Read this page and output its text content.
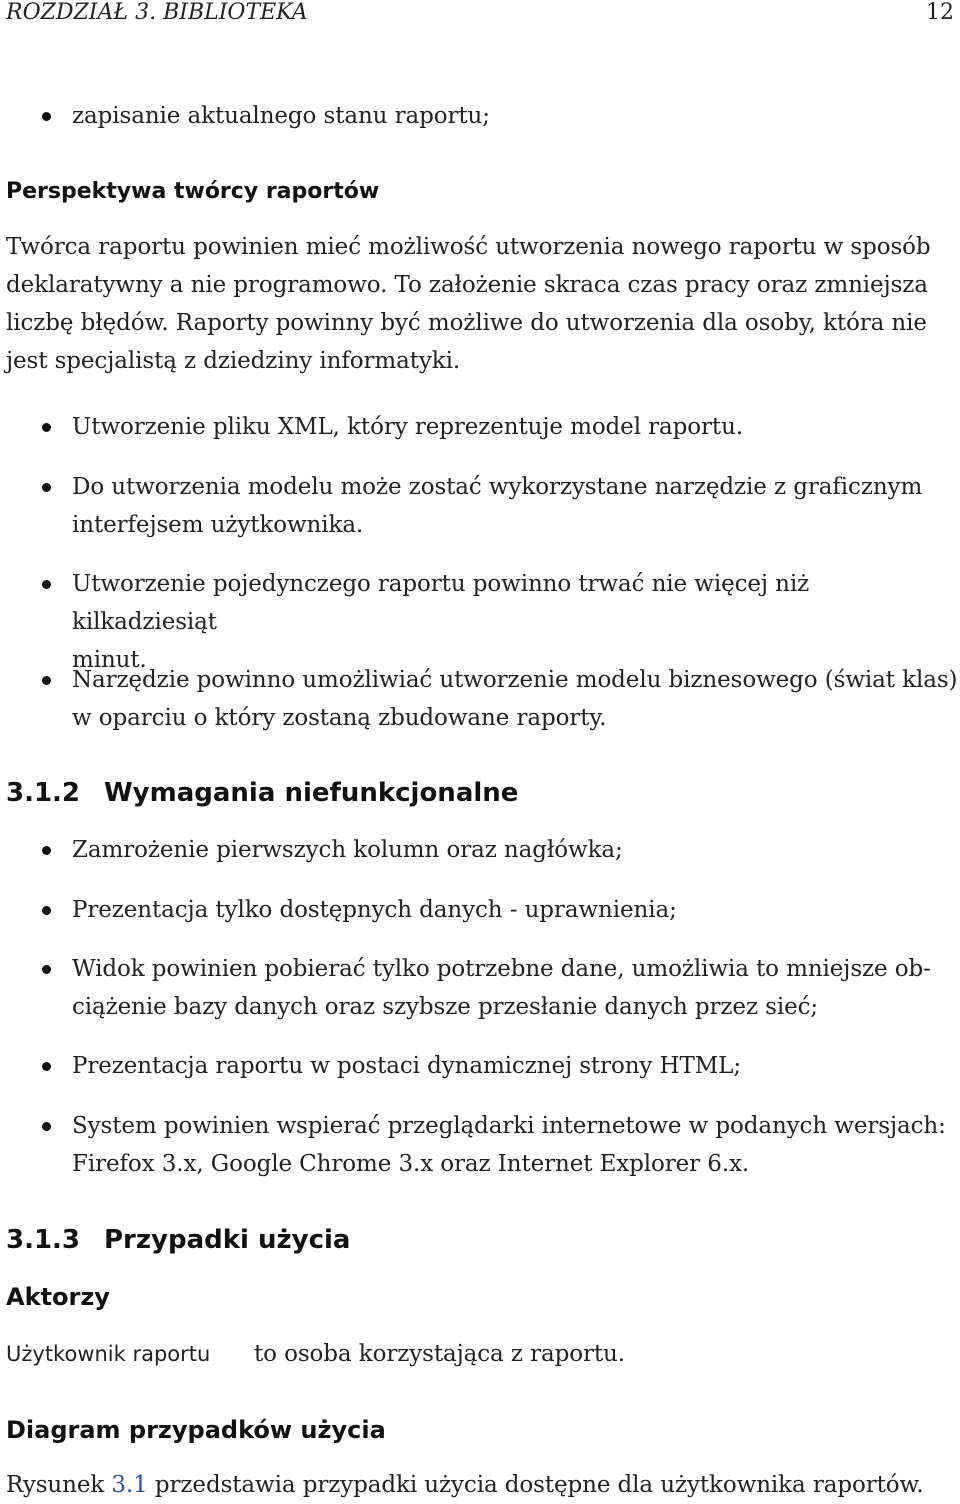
ROZDZIAŁ 3. BIBLIOTEKA	12
zapisanie aktualnego stanu raportu;
Perspektywa twórcy raportów
Twórca raportu powinien mieć możliwość utworzenia nowego raportu w sposób
deklaratywny a nie programowo. To założenie skraca czas pracy oraz zmniejsza
liczbę błędów. Raporty powinny być możliwe do utworzenia dla osoby, która nie
jest specjalistą z dziedziny informatyki.
Utworzenie pliku XML, który reprezentuje model raportu.
Do utworzenia modelu może zostać wykorzystane narzędzie z graficznym
interfejsem użytkownika.
Utworzenie pojedynczego raportu powinno trwać nie więcej niż kilkadziesiąt
minut.
Narzędzie powinno umożliwiać utworzenie modelu biznesowego (świat klas)
w oparciu o który zostaną zbudowane raporty.
3.1.2 Wymagania niefunkcjonalne
Zamrożenie pierwszych kolumn oraz nagłówka;
Prezentacja tylko dostępnych danych - uprawnienia;
Widok powinien pobierać tylko potrzebne dane, umożliwia to mniejsze ob-
ciążenie bazy danych oraz szybsze przesłanie danych przez sieć;
Prezentacja raportu w postaci dynamicznej strony HTML;
System powinien wspierać przeglądarki internetowe w podanych wersjach:
Firefox 3.x, Google Chrome 3.x oraz Internet Explorer 6.x.
3.1.3 Przypadki użycia
Aktorzy
Użytkownik raportu to osoba korzystająca z raportu.
Diagram przypadków użycia
Rysunek 3.1 przedstawia przypadki użycia dostępne dla użytkownika raportów.
